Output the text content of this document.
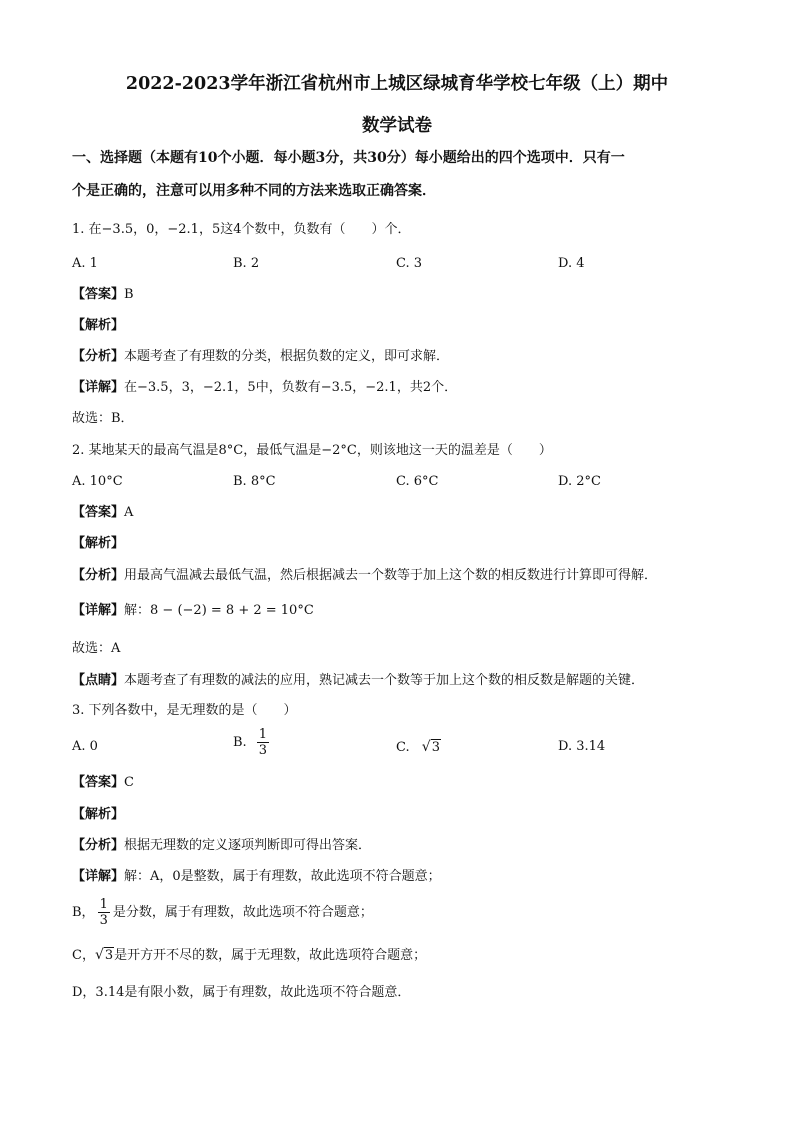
2022-2023学年浙江省杭州市上城区绿城育华学校七年级（上）期中
数学试卷
一、选择题（本题有10个小题．每小题3分，共30分）每小题给出的四个选项中．只有一
个是正确的，注意可以用多种不同的方法来选取正确答案．
1. 在−3.5，0，−2.1，5这4个数中，负数有（　　）个．
A. 1	B. 2	C. 3	D. 4
【答案】B
【解析】
【分析】本题考查了有理数的分类，根据负数的定义，即可求解．
【详解】在−3.5，3，−2.1，5中，负数有−3.5，−2.1，共2个．
故选：B．
2. 某地某天的最高气温是8°C，最低气温是−2°C，则该地这一天的温差是（　　）
A. 10°C	B. 8°C	C. 6°C	D. 2°C
【答案】A
【解析】
【分析】用最高气温减去最低气温，然后根据减去一个数等于加上这个数的相反数进行计算即可得解．
【详解】解：8 − (−2) = 8 + 2 = 10°C
故选：A
【点睛】本题考查了有理数的减法的应用，熟记减去一个数等于加上这个数的相反数是解题的关键．
3. 下列各数中，是无理数的是（　　）
A. 0	B. $\frac{1}{3}$	C. √3	D. 3.14
【答案】C
【解析】
【分析】根据无理数的定义逐项判断即可得出答案．
【详解】解：A，0是整数，属于有理数，故此选项不符合题意；
B， $\frac{1}{3}$ 是分数，属于有理数，故此选项不符合题意；
C，√3是开方开不尽的数，属于无理数，故此选项符合题意；
D，3.14是有限小数，属于有理数，故此选项不符合题意．
